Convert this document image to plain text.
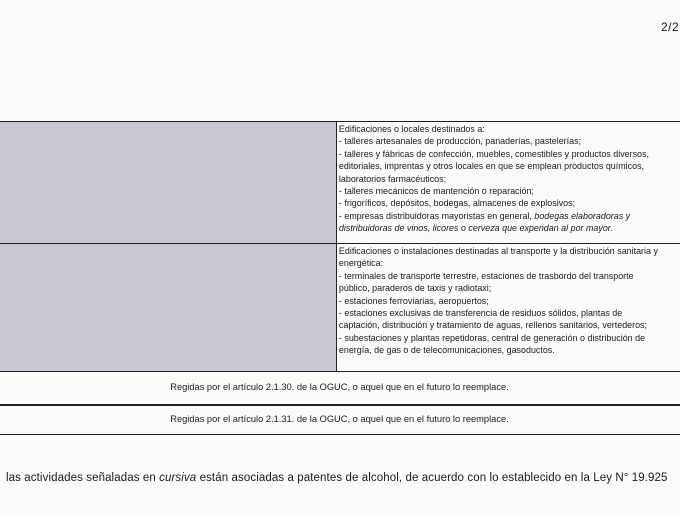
2/2
Edificaciones o locales destinados a:
- talleres artesanales de producción, panaderías, pastelerías;
- talleres y fábricas de confección, muebles, comestibles y productos diversos,
editoriales, imprentas y otros locales en que se emplean productos químicos,
laboratorios farmacéuticos;
- talleres mecánicos de mantención o reparación;
- frigoríficos, depósitos, bodegas, almacenes de explosivos;
- empresas distribuidoras mayoristas en general, bodegas elaboradoras y
distribuidoras de vinos, licores o cerveza que expendan al por mayor.
Edificaciones o instalaciones destinadas al transporte y la distribución sanitaria y
energética:
- terminales de transporte terrestre, estaciones de trasbordo del transporte
público, paraderos de taxis y radiotaxi;
- estaciones ferroviarias, aeropuertos;
- estaciones exclusivas de transferencia de residuos sólidos, plantas de
captación, distribución y tratamiento de aguas, rellenos sanitarios, vertederos;
- subestaciones y plantas repetidoras, central de generación o distribución de
energía, de gas o de telecomunicaciones, gasoductos.
Regidas por el artículo 2.1.30. de la OGUC, o aquel que en el futuro lo reemplace.
Regidas por el artículo 2.1.31. de la OGUC, o aquel que en el futuro lo reemplace.
las actividades señaladas en cursiva están asociadas a patentes de alcohol, de acuerdo con lo establecido en la Ley N° 19.925
